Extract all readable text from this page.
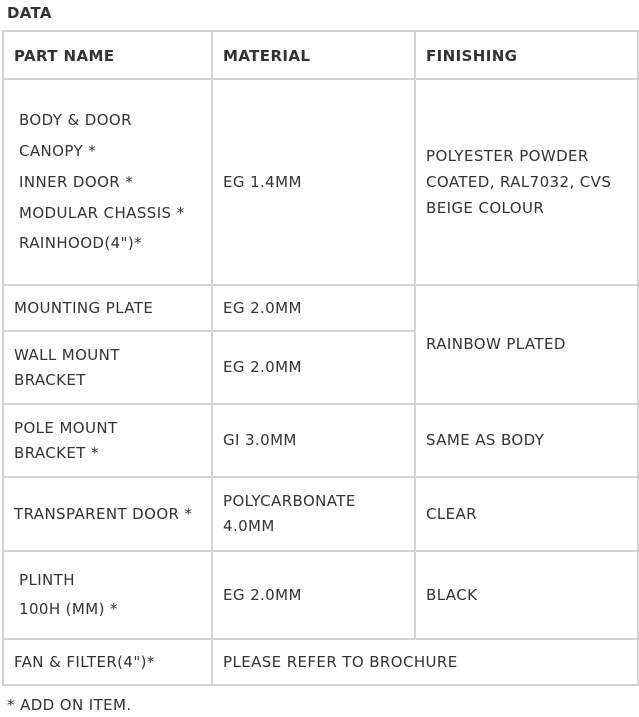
DATA
PART NAME	MATERIAL	FINISHING

BODY & DOOR
CANOPY *
INNER DOOR *
MODULAR CHASSIS *
RAINHOOD(4")*	EG 1.4MM	POLYESTER POWDER COATED, RAL7032, CVS BEIGE COLOUR
MOUNTING PLATE	EG 2.0MM	RAINBOW PLATED
WALL MOUNT BRACKET	EG 2.0MM	
POLE MOUNT BRACKET *	GI 3.0MM	SAME AS BODY
TRANSPARENT DOOR *	POLYCARBONATE 4.0MM	CLEAR

PLINTH
100H (MM) *	EG 2.0MM	BLACK
FAN & FILTER(4")*	PLEASE REFER TO BROCHURE	
* ADD ON ITEM.
